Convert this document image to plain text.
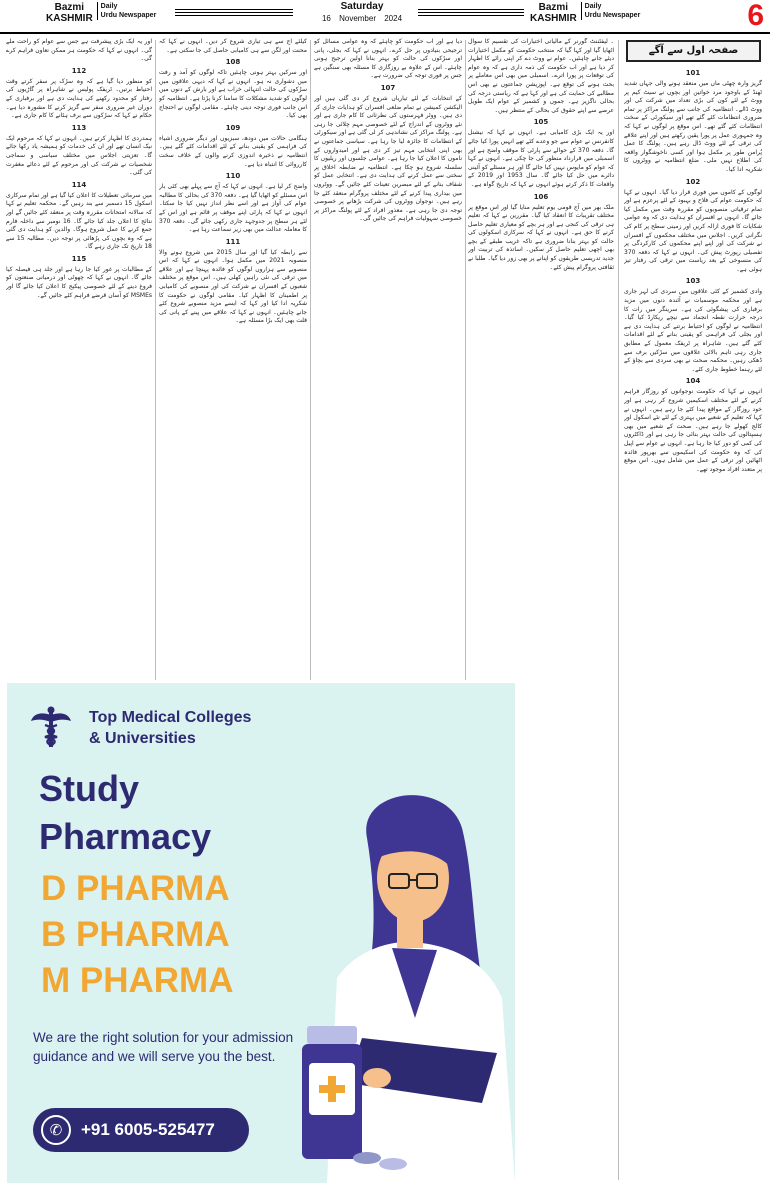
Bazmi
KASHMIR
Daily
Urdu Newspaper
Saturday
16 November 2024
Bazmi
KASHMIR
Daily
Urdu Newspaper	6
صفحہ اول سے آگے
101

گریز وارہ چھٹی ماں میں منعقد ہونے والی جہاں شدید ٹھنڈ کے باوجود مرد خواتین اور بچوں نے سیٹ کیم پر ووٹ کے لئے کون کی بڑی تعداد میں شرکت کی اور ووٹ ڈالے۔ انتظامیہ کی جانب سے پولنگ مراکز پر تمام ضروری انتظامات کئے گئے تھے اور سیکورٹی کے سخت انتظامات کئے گئے تھے۔ اس موقع پر لوگوں نے کہا کہ وہ جمہوری عمل پر پورا یقین رکھتے ہیں اور اپنے علاقے کی ترقی کے لئے ووٹ ڈال رہے ہیں۔ پولنگ کا عمل پُرامن طور پر مکمل ہوا اور کسی ناخوشگوار واقعہ کی اطلاع نہیں ملی۔ ضلع انتظامیہ نے ووٹروں کا شکریہ ادا کیا۔

102

لوگوں کے کاموں میں فوری قرار دیا گیا۔ انہوں نے کہا کہ حکومت عوام کی فلاح و بہبود کے لئے پرعزم ہے اور تمام ترقیاتی منصوبوں کو مقررہ وقت میں مکمل کیا جائے گا۔ انہوں نے افسران کو ہدایت دی کہ وہ عوامی شکایات کا فوری ازالہ کریں اور زمینی سطح پر کام کی نگرانی کریں۔ اجلاس میں مختلف محکموں کے افسران نے شرکت کی اور اپنے اپنے محکموں کی کارکردگی پر تفصیلی رپورٹ پیش کی۔ انہوں نے کہا کہ دفعہ 370 کی منسوخی کے بعد ریاست میں ترقی کی رفتار تیز ہوئی ہے۔

103

وادی کشمیر کے کئی علاقوں میں سردی کی لہر جاری ہے اور محکمہ موسمیات نے آئندہ دنوں میں مزید برفباری کی پیشگوئی کی ہے۔ سرینگر میں رات کا درجہ حرارت نقطہ انجماد سے نیچے ریکارڈ کیا گیا۔ انتظامیہ نے لوگوں کو احتیاط برتنے کی ہدایت دی ہے اور بجلی کی فراہمی کو یقینی بنانے کے لئے اقدامات کئے گئے ہیں۔ شاہراہ پر ٹریفک معمول کے مطابق جاری رہی تاہم بالائی علاقوں میں سڑکیں برف سے ڈھکی رہیں۔ محکمہ صحت نے بھی سردی سے بچاؤ کے لئے رہنما خطوط جاری کئے۔

104

انہوں نے کہا کہ حکومت نوجوانوں کو روزگار فراہم کرنے کے لئے مختلف اسکیمیں شروع کر رہی ہے اور خود روزگار کے مواقع پیدا کئے جا رہے ہیں۔ انہوں نے کہا کہ تعلیم کے شعبے میں بہتری کے لئے نئے اسکول اور کالج کھولے جا رہے ہیں۔ صحت کے شعبے میں بھی ہسپتالوں کی حالت بہتر بنائی جا رہی ہے اور ڈاکٹروں کی کمی کو دور کیا جا رہا ہے۔ انہوں نے عوام سے اپیل کی کہ وہ حکومت کی اسکیموں سے بھرپور فائدہ اٹھائیں اور ترقی کے عمل میں شامل ہوں۔ اس موقع پر متعدد افراد موجود تھے۔

۔ لیفٹننٹ گورنر کے مالیاتی اختیارات کی تقسیم کا سوال اٹھایا گیا اور کہا گیا کہ منتخب حکومت کو مکمل اختیارات دیئے جانے چاہئیں۔ عوام نے ووٹ دے کر اپنی رائے کا اظہار کر دیا ہے اور اب حکومت کی ذمہ داری ہے کہ وہ عوام کی توقعات پر پورا اترے۔ اسمبلی میں بھی اس معاملے پر بحث ہونے کی توقع ہے۔ اپوزیشن جماعتوں نے بھی اس مطالبے کی حمایت کی ہے اور کہا ہے کہ ریاستی درجہ کی بحالی ناگزیر ہے۔ جموں و کشمیر کے عوام ایک طویل عرصے سے اپنے حقوق کی بحالی کے منتظر ہیں۔

105

اور یہ ایک بڑی کامیابی ہے۔ انہوں نے کہا کہ نیشنل کانفرنس نے عوام سے جو وعدے کئے تھے انہیں پورا کیا جائے گا۔ دفعہ 370 کے حوالے سے پارٹی کا موقف واضح ہے اور اسمبلی میں قرارداد منظور کی جا چکی ہے۔ انہوں نے کہا کہ عوام کو مایوس نہیں کیا جائے گا اور ہر مسئلے کو آئینی دائرے میں حل کیا جائے گا۔ سال 1953 اور 2019 کے واقعات کا ذکر کرتے ہوئے انہوں نے کہا کہ تاریخ گواہ ہے۔

106

ملک بھر میں آج قومی یوم تعلیم منایا گیا اور اس موقع پر مختلف تقریبات کا انعقاد کیا گیا۔ مقررین نے کہا کہ تعلیم ہی ترقی کی کنجی ہے اور ہر بچے کو معیاری تعلیم حاصل کرنے کا حق ہے۔ انہوں نے کہا کہ سرکاری اسکولوں کی حالت کو بہتر بنانا ضروری ہے تاکہ غریب طبقے کے بچے بھی اچھی تعلیم حاصل کر سکیں۔ اساتذہ کی تربیت اور جدید تدریسی طریقوں کو اپنانے پر بھی زور دیا گیا۔ طلبا نے ثقافتی پروگرام پیش کئے۔

دیا ہے اور اب حکومت کو چاہئے کہ وہ عوامی مسائل کو ترجیحی بنیادوں پر حل کرے۔ انہوں نے کہا کہ بجلی، پانی اور سڑکوں کی حالت کو بہتر بنانا اولین ترجیح ہونی چاہئے۔ اس کے علاوہ بے روزگاری کا مسئلہ بھی سنگین ہے جس پر فوری توجہ کی ضرورت ہے۔

107

کے انتخابات کے لئے تیاریاں شروع کر دی گئی ہیں اور الیکشن کمیشن نے تمام ضلعی افسران کو ہدایات جاری کر دی ہیں۔ ووٹر فہرستوں کی نظرثانی کا کام جاری ہے اور نئے ووٹروں کے اندراج کے لئے خصوصی مہم چلائی جا رہی ہے۔ پولنگ مراکز کی نشاندہی کر لی گئی ہے اور سیکورٹی کے انتظامات کا جائزہ لیا جا رہا ہے۔ سیاسی جماعتوں نے بھی اپنی انتخابی مہم تیز کر دی ہے اور امیدواروں کے ناموں کا اعلان کیا جا رہا ہے۔ عوامی جلسوں اور ریلیوں کا سلسلہ شروع ہو چکا ہے۔ انتظامیہ نے ضابطہ اخلاق پر سختی سے عمل کرنے کی ہدایت دی ہے۔ انتخابی عمل کو شفاف بنانے کے لئے مبصرین تعینات کئے جائیں گے۔ ووٹروں میں بیداری پیدا کرنے کے لئے مختلف پروگرام منعقد کئے جا رہے ہیں۔ نوجوان ووٹروں کی شرکت بڑھانے پر خصوصی توجہ دی جا رہی ہے۔ معذور افراد کے لئے پولنگ مراکز پر خصوصی سہولیات فراہم کی جائیں گی۔

کیلئے آج سے ہی تیاری شروع کر دیں۔ انہوں نے کہا کہ محنت اور لگن سے ہی کامیابی حاصل کی جا سکتی ہے۔

108

اور سرکیں بہتر ہونی چاہئیں تاکہ لوگوں کو آمد و رفت میں دشواری نہ ہو۔ انہوں نے کہا کہ دیہی علاقوں میں سڑکوں کی حالت انتہائی خراب ہے اور بارش کے دنوں میں لوگوں کو شدید مشکلات کا سامنا کرنا پڑتا ہے۔ انتظامیہ کو اس جانب فوری توجہ دینی چاہئے۔ مقامی لوگوں نے احتجاج بھی کیا۔

109

ہنگامی حالات میں دودھ، سبزیوں اور دیگر ضروری اشیاء کی فراہمی کو یقینی بنانے کے لئے اقدامات کئے گئے ہیں۔ انتظامیہ نے ذخیرہ اندوزی کرنے والوں کے خلاف سخت کارروائی کا انتباہ دیا ہے۔

110

واضح کر لیا ہے۔ انہوں نے کہا کہ آج سے پہلے بھی کئی بار اس مسئلے کو اٹھایا گیا ہے۔ دفعہ 370 کی بحالی کا مطالبہ عوام کی آواز ہے اور اسے نظر انداز نہیں کیا جا سکتا۔ انہوں نے کہا کہ پارٹی اپنے موقف پر قائم ہے اور اس کے لئے ہر سطح پر جدوجہد جاری رکھی جائے گی۔ دفعہ 370 کا معاملہ عدالت میں بھی زیر سماعت رہا ہے۔

111

سے رابطہ کیا گیا اور سال 2015 میں شروع ہونے والا منصوبہ 2021 میں مکمل ہوا۔ انہوں نے کہا کہ اس منصوبے سے ہزاروں لوگوں کو فائدہ پہنچا ہے اور علاقے میں ترقی کی نئی راہیں کھلی ہیں۔ اس موقع پر مختلف شعبوں کے افسران نے شرکت کی اور منصوبے کی کامیابی پر اطمینان کا اظہار کیا۔ مقامی لوگوں نے حکومت کا شکریہ ادا کیا اور کہا کہ ایسے مزید منصوبے شروع کئے جانے چاہئیں۔ انہوں نے کہا کہ علاقے میں پینے کے پانی کی قلت بھی ایک بڑا مسئلہ ہے۔

اور یہ ایک بڑی پیشرفت ہے جس سے عوام کو راحت ملے گی۔ انہوں نے کہا کہ حکومت ہر ممکن تعاون فراہم کرے گی۔

112

کو منظور دیا گیا ہے کہ وہ سڑک پر سفر کرتے وقت احتیاط برتیں۔ ٹریفک پولیس نے شاہراہ پر گاڑیوں کی رفتار کو محدود رکھنے کی ہدایت دی ہے اور برفباری کے دوران غیر ضروری سفر سے گریز کرنے کا مشورہ دیا ہے۔ حکام نے کہا کہ سڑکوں سے برف ہٹانے کا کام جاری ہے۔

113

ہمدردی کا اظہار کرتے ہیں۔ انہوں نے کہا کہ مرحوم ایک نیک انسان تھے اور ان کی خدمات کو ہمیشہ یاد رکھا جائے گا۔ تعزیتی اجلاس میں مختلف سیاسی و سماجی شخصیات نے شرکت کی اور مرحوم کے لئے دعائے مغفرت کی گئی۔

114

میں سرمائی تعطیلات کا اعلان کیا گیا ہے اور تمام سرکاری اسکول 15 دسمبر سے بند رہیں گے۔ محکمہ تعلیم نے کہا کہ سالانہ امتحانات مقررہ وقت پر منعقد کئے جائیں گے اور نتائج کا اعلان جلد کیا جائے گا۔ 16 نومبر سے داخلہ فارم جمع کرنے کا عمل شروع ہوگا۔ والدین کو ہدایت دی گئی ہے کہ وہ بچوں کی پڑھائی پر توجہ دیں۔ مطالبہ 15 سے 18 تاریخ تک جاری رہے گا۔

115

کے مطالبات پر غور کیا جا رہا ہے اور جلد ہی فیصلہ کیا جائے گا۔ انہوں نے کہا کہ چھوٹی اور درمیانی صنعتوں کو فروغ دینے کے لئے خصوصی پیکیج کا اعلان کیا جائے گا اور MSMEs کو آسان قرضے فراہم کئے جائیں گے۔

Top Medical Colleges
& Universities
Study
Pharmacy
D PHARMA
B PHARMA
M PHARMA
We are the right solution for your admission guidance and we will serve you the best.
✆	+91 6005-525477
